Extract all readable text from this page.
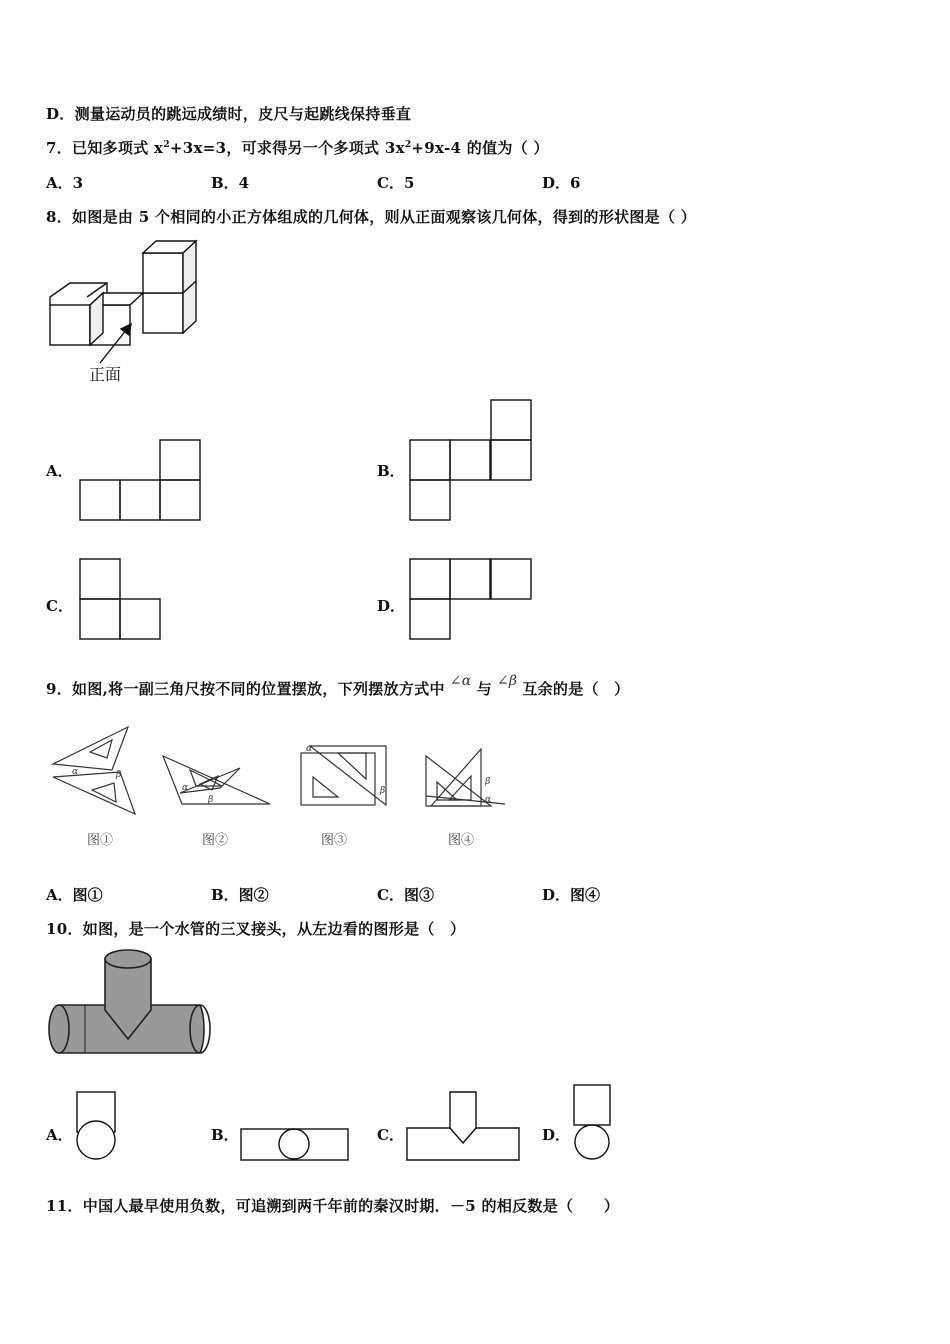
D．测量运动员的跳远成绩时，皮尺与起跳线保持垂直
7．已知多项式 $x^2+3x=3$，可求得另一个多项式 $3x^2+9x-4$ 的值为（ ）
A．3	B．4	C．5	D．6
8．如图是由 5 个相同的小正方体组成的几何体，则从正面观察该几何体，得到的形状图是（ ）
正面
A．	B．
C．	D．
9．如图,将一副三角尺按不同的位置摆放，下列摆放方式中 ∠α 与 ∠β 互余的是（　）
α	β
图①
α
β
图②
α
β
图③
α
β
图④
A．图①	B．图②	C．图③	D．图④
10．如图，是一个水管的三叉接头，从左边看的图形是（　）
A．	B．	C．	D．
11．中国人最早使用负数，可追溯到两千年前的秦汉时期．－5 的相反数是（　　）
